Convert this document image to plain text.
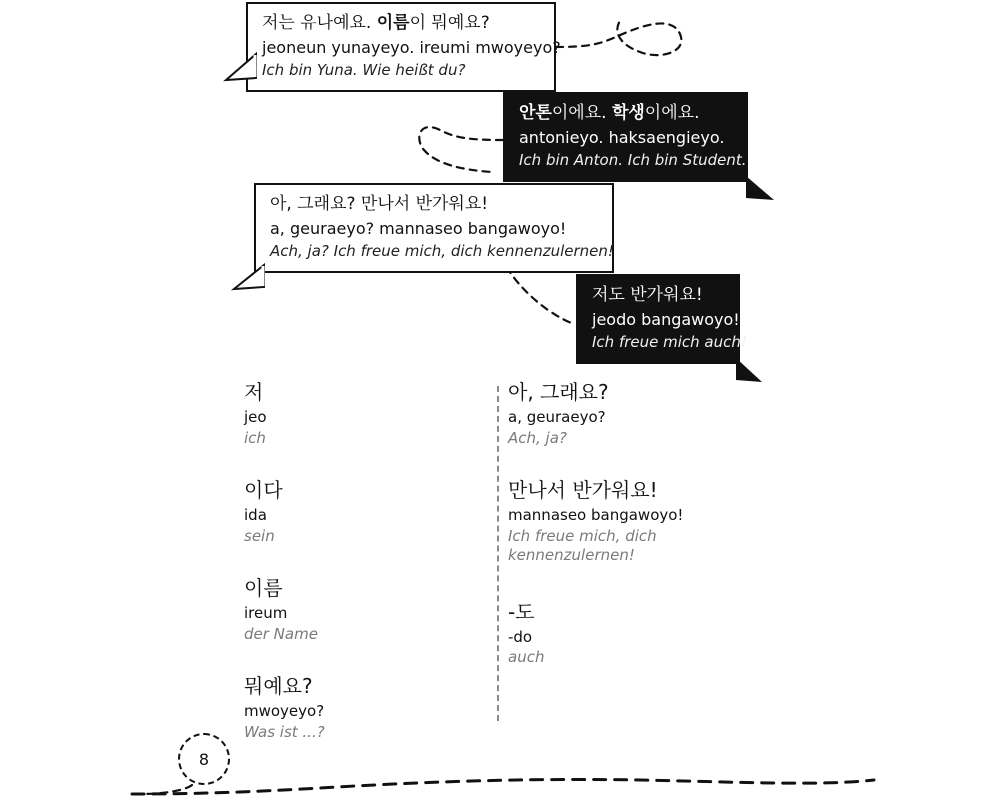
저는 유나예요. 이름이 뭐예요?
jeoneun yunayeyo. ireumi mwoyeyo?
Ich bin Yuna. Wie heißt du?
안톤이에요. 학생이에요.
antonieyo. haksaengieyo.
Ich bin Anton. Ich bin Student.
아, 그래요? 만나서 반가워요!
a, geuraeyo? mannaseo bangawoyo!
Ach, ja? Ich freue mich, dich kennenzulernen!
저도 반가워요!
jeodo bangawoyo!
Ich freue mich auch!
저
jeo
ich
이다
ida
sein
이름
ireum
der Name
뭐예요?
mwoyeyo?
Was ist ...?
아, 그래요?
a, geuraeyo?
Ach, ja?
만나서 반가워요!
mannaseo bangawoyo!
Ich freue mich, dich kennenzulernen!
-도
-do
auch
8
